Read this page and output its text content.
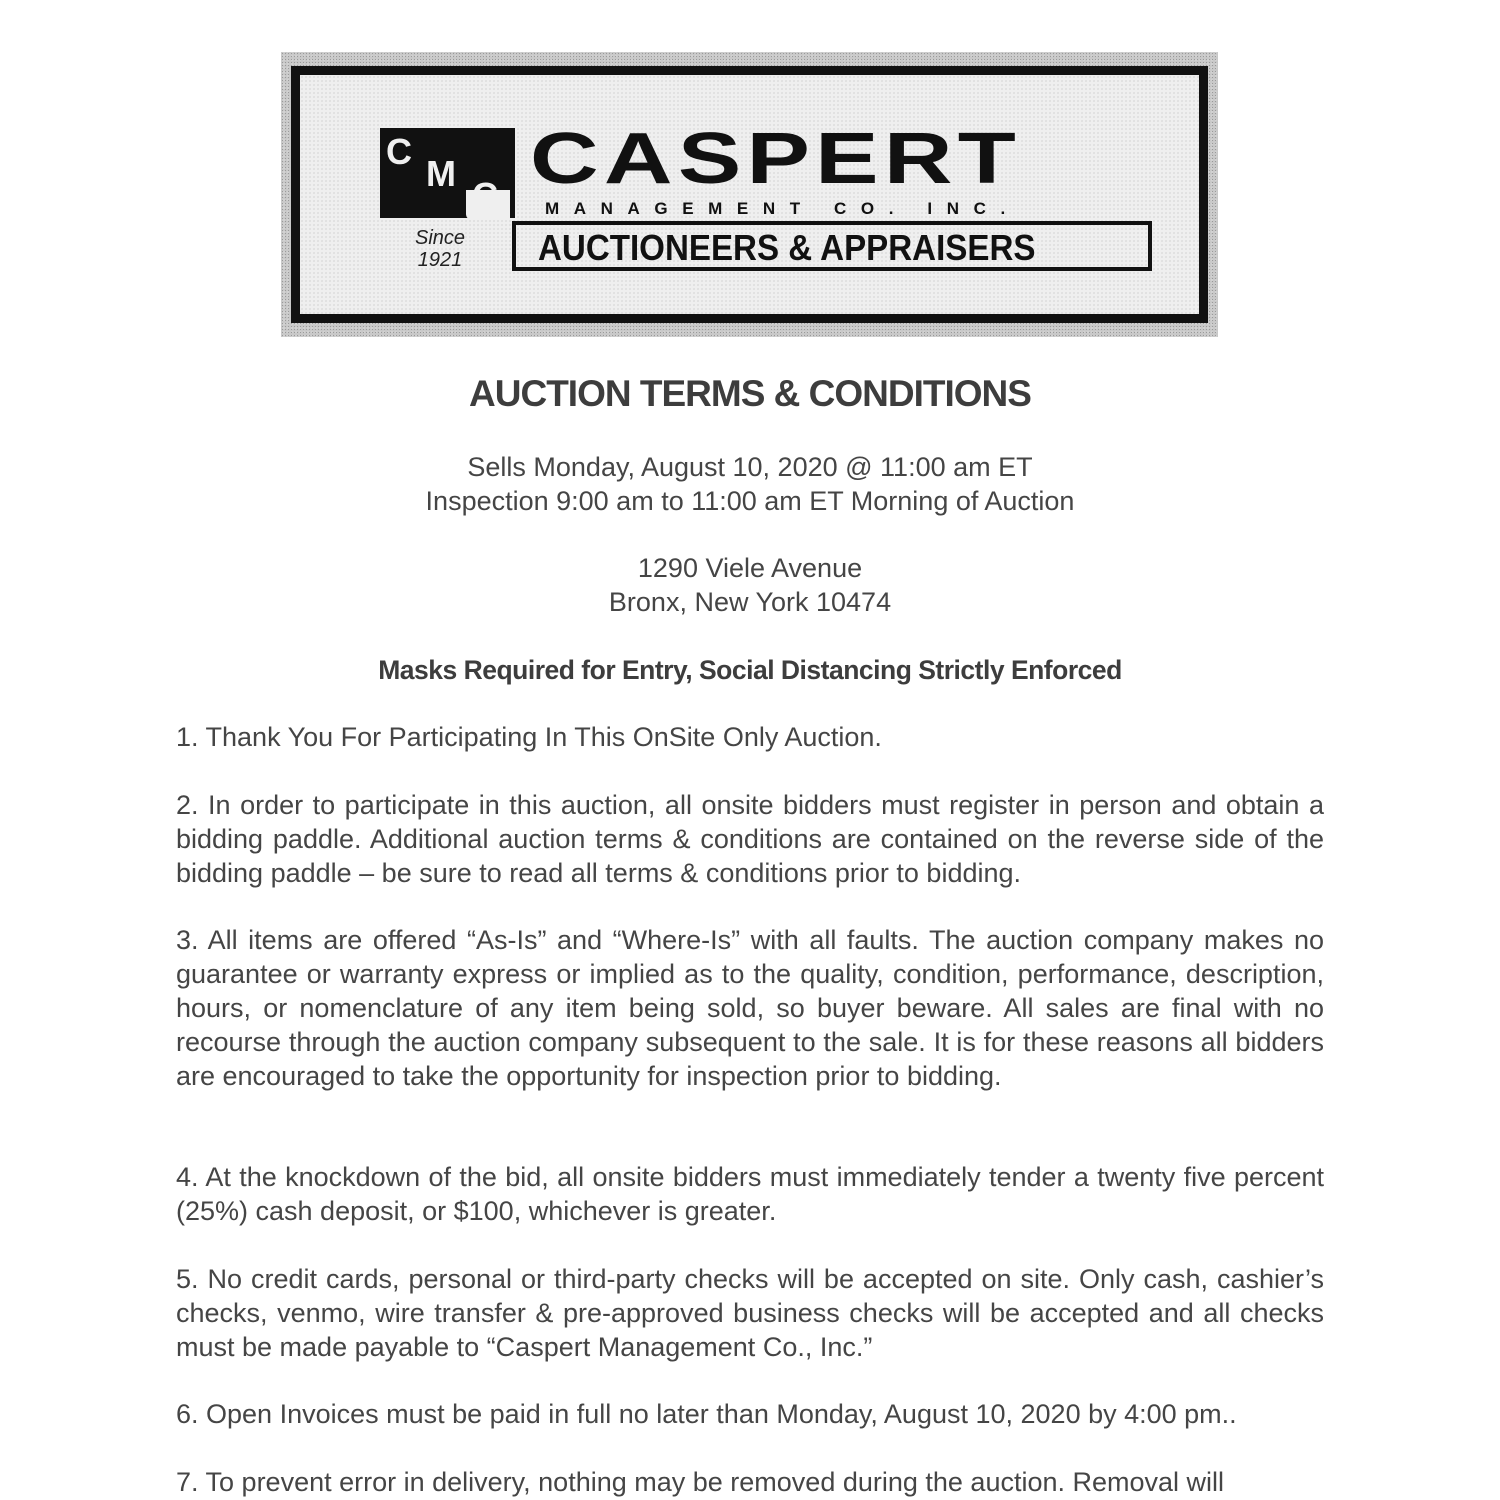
C
M
C CASPERT
MANAGEMENT CO. INC.
Since
1921	AUCTIONEERS & APPRAISERS
AUCTION TERMS & CONDITIONS

Sells Monday, August 10, 2020 @ 11:00 am ET

Inspection 9:00 am to 11:00 am ET Morning of Auction

1290 Viele Avenue

Bronx, New York 10474

Masks Required for Entry, Social Distancing Strictly Enforced

1. Thank You For Participating In This OnSite Only Auction.

2. In order to participate in this auction, all onsite bidders must register in person and obtain a bidding paddle. Additional auction terms & conditions are contained on the reverse side of the bidding paddle – be sure to read all terms & conditions prior to bidding.

3. All items are offered “As-Is” and “Where-Is” with all faults. The auction company makes no guarantee or warranty express or implied as to the quality, condition, performance, description, hours, or nomenclature of any item being sold, so buyer beware. All sales are final with no recourse through the auction company subsequent to the sale. It is for these reasons all bidders are encouraged to take the opportunity for inspection prior to bidding.

4. At the knockdown of the bid, all onsite bidders must immediately tender a twenty five percent (25%) cash deposit, or $100, whichever is greater.

5. No credit cards, personal or third-party checks will be accepted on site. Only cash, cashier’s checks, venmo, wire transfer & pre-approved business checks will be accepted and all checks must be made payable to “Caspert Management Co., Inc.”

6. Open Invoices must be paid in full no later than Monday, August 10, 2020 by 4:00 pm..

7. To prevent error in delivery, nothing may be removed during the auction. Removal will
